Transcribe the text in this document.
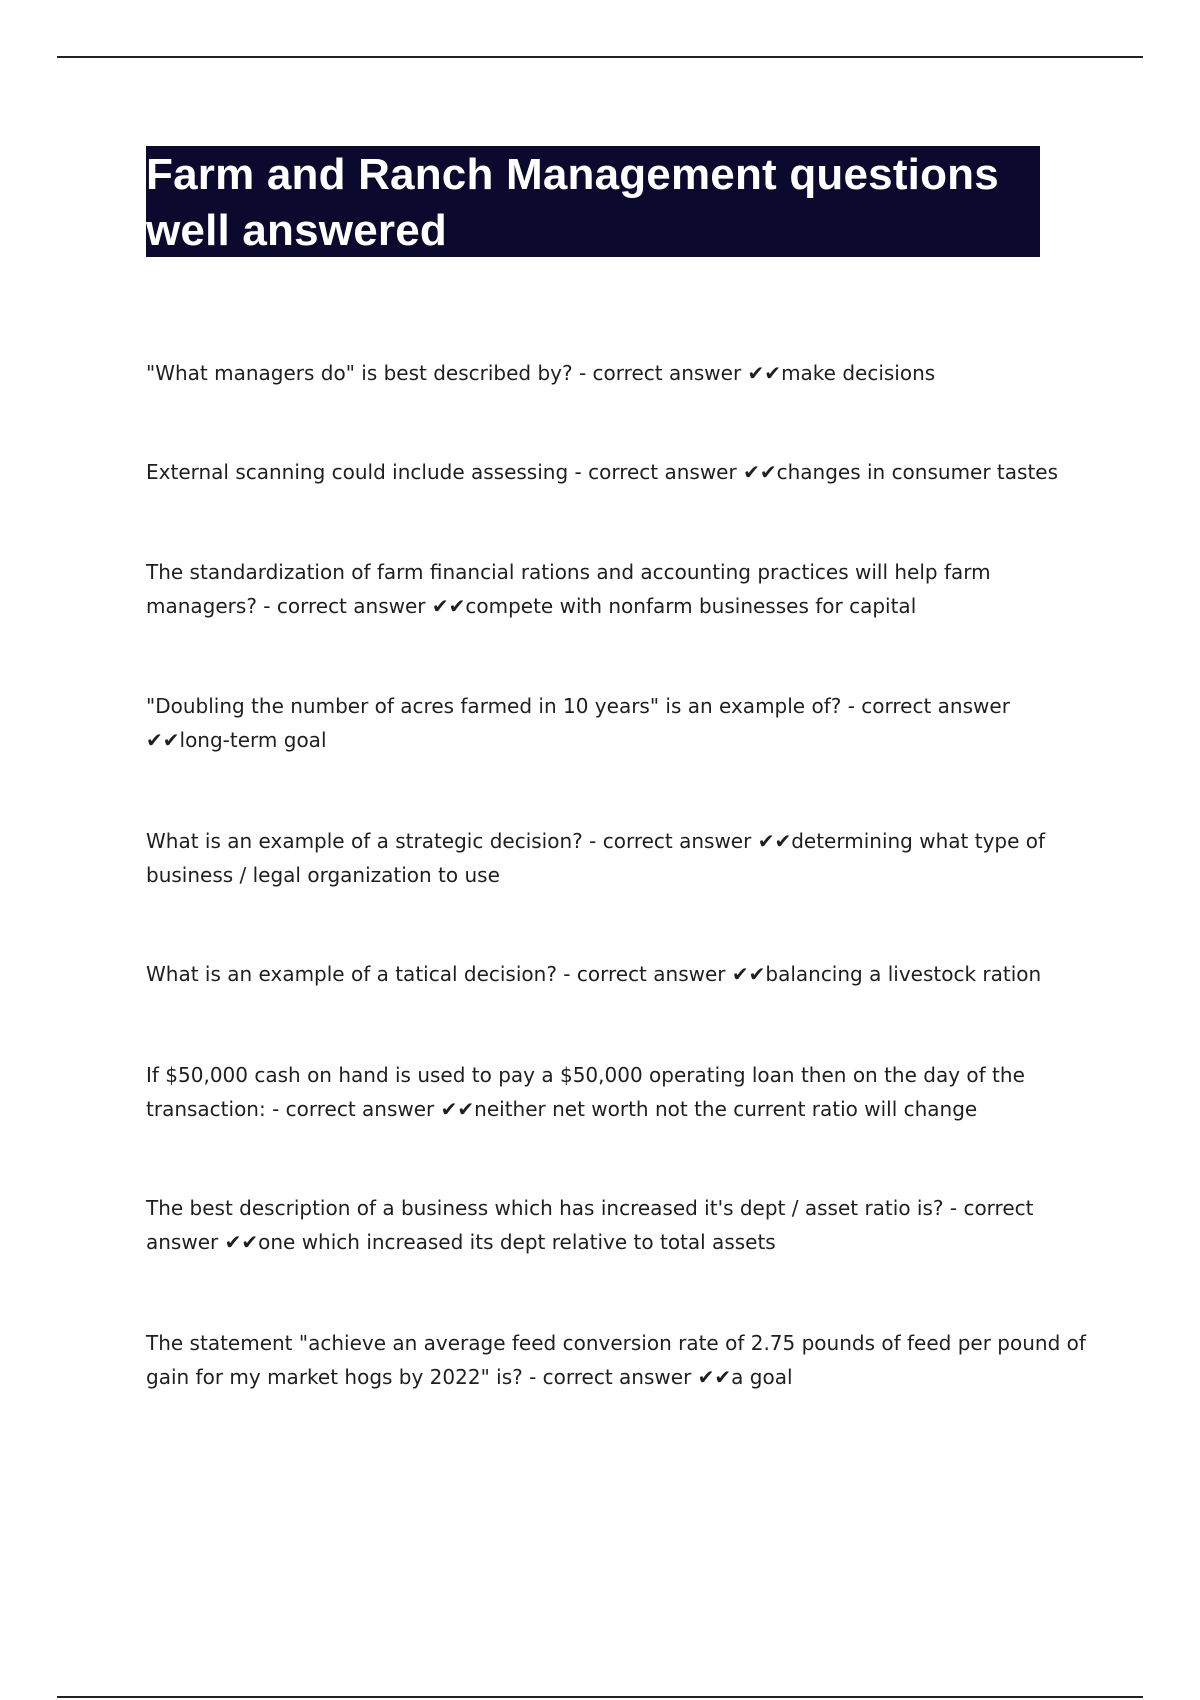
Farm and Ranch Management questions well answered

"What managers do" is best described by? - correct answer ✔✔make decisions

External scanning could include assessing - correct answer ✔✔changes in consumer tastes

The standardization of farm financial rations and accounting practices will help farm managers? - correct answer ✔✔compete with nonfarm businesses for capital

"Doubling the number of acres farmed in 10 years" is an example of? - correct answer ✔✔long-term goal

What is an example of a strategic decision? - correct answer ✔✔determining what type of business / legal organization to use

What is an example of a tatical decision? - correct answer ✔✔balancing a livestock ration

If $50,000 cash on hand is used to pay a $50,000 operating loan then on the day of the transaction: - correct answer ✔✔neither net worth not the current ratio will change

The best description of a business which has increased it's dept / asset ratio is? - correct answer ✔✔one which increased its dept relative to total assets

The statement "achieve an average feed conversion rate of 2.75 pounds of feed per pound of gain for my market hogs by 2022" is? - correct answer ✔✔a goal
